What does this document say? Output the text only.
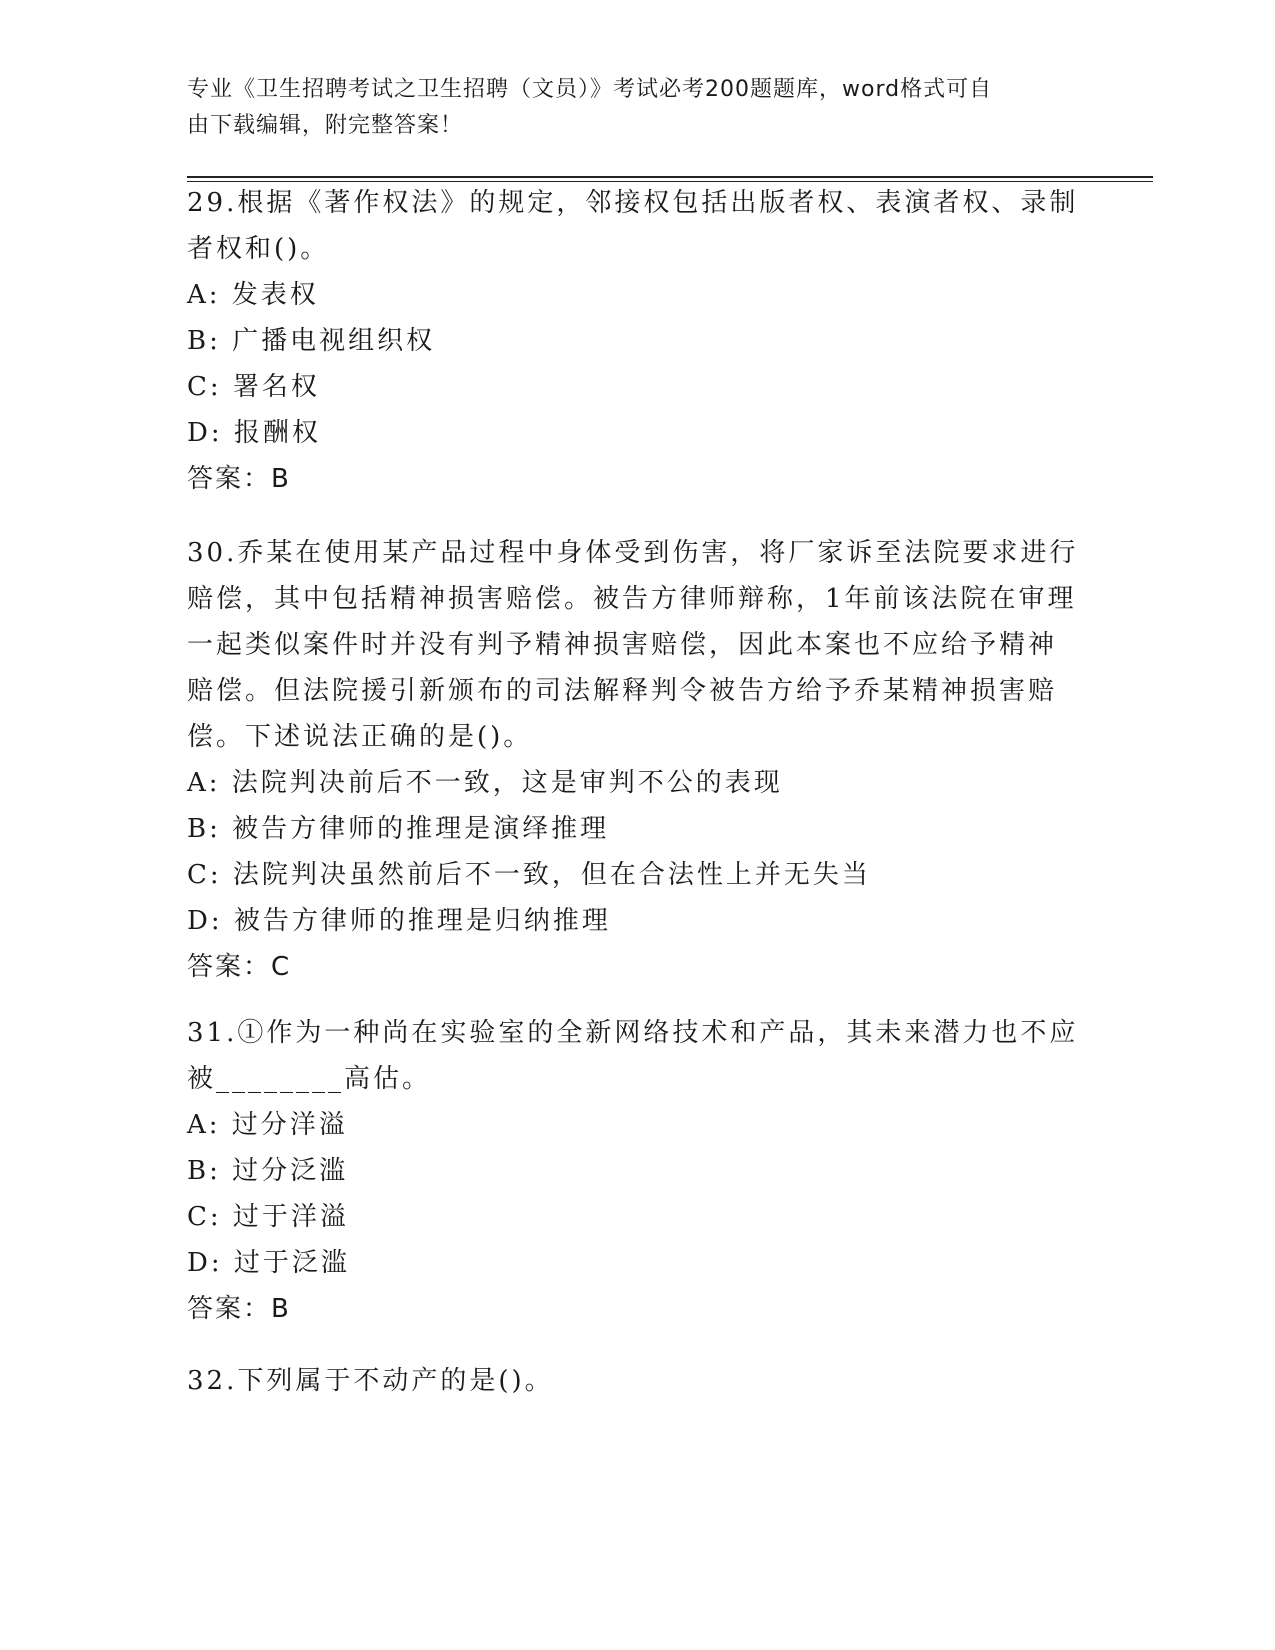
专业《卫生招聘考试之卫生招聘（文员）》考试必考200题题库，word格式可自
由下载编辑，附完整答案！

29.根据《著作权法》的规定，邻接权包括出版者权、表演者权、录制

者权和()。

A: 发表权

B: 广播电视组织权

C: 署名权

D: 报酬权

答案：B

30.乔某在使用某产品过程中身体受到伤害，将厂家诉至法院要求进行

赔偿，其中包括精神损害赔偿。被告方律师辩称，1年前该法院在审理

一起类似案件时并没有判予精神损害赔偿，因此本案也不应给予精神

赔偿。但法院援引新颁布的司法解释判令被告方给予乔某精神损害赔

偿。下述说法正确的是()。

A: 法院判决前后不一致，这是审判不公的表现

B: 被告方律师的推理是演绎推理

C: 法院判决虽然前后不一致，但在合法性上并无失当

D: 被告方律师的推理是归纳推理

答案：C

31.①作为一种尚在实验室的全新网络技术和产品，其未来潜力也不应

被________高估。

A: 过分洋溢

B: 过分泛滥

C: 过于洋溢

D: 过于泛滥

答案：B

32.下列属于不动产的是()。
